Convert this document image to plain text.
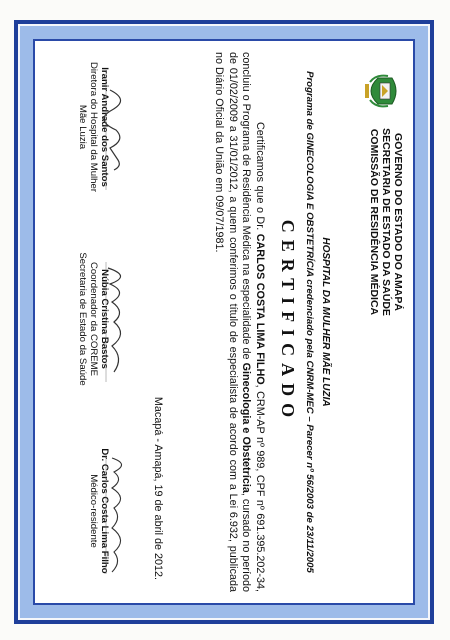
GOVERNO DO ESTADO DO AMAPÁ
SECRETARIA DE ESTADO DA SAÚDE
COMISSÃO DE RESIDÊNCIA MÉDICA
HOSPITAL DA MULHER MÃE LUZIA
Programa de GINECOLOGIA E OBSTETRÍCIA credenciado pela CNRM-MEC – Parecer nº 56/2003 de 23/11/2005
CERTIFICADO
Certificamos que o Dr. CARLOS COSTA LIMA FILHO, CRM-AP nº 989, CPF nº 691.395.202-34, concluiu o Programa de Residência Médica na especialidade de Ginecologia e Obstetrícia, cursado no período de 01/02/2009 a 31/01/2012, a quem conferimos o título de especialista de acordo com a Lei 6.932, publicada no Diário Oficial da União em 09/07/1981.
Macapá - Amapá, 19 de abril de 2012.
Iranir Andrade dos Santos
Diretora do Hospital da Mulher
Mãe Luzia
Núbia Cristina Bastos
Coordenador da COREME
Secretaria de Estado da Saúde
Dr. Carlos Costa Lima Filho
Médico-residente
